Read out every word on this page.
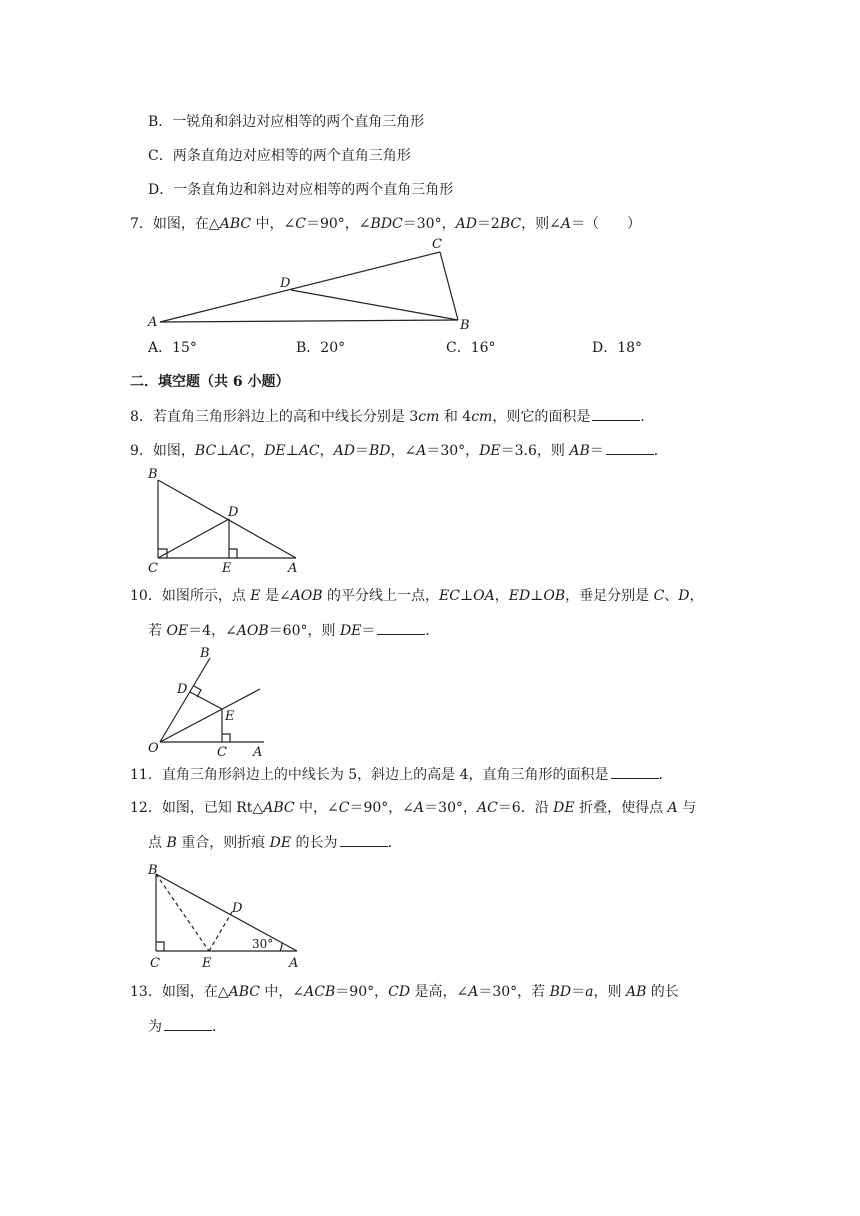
B．一锐角和斜边对应相等的两个直角三角形
C．两条直角边对应相等的两个直角三角形
D．一条直角边和斜边对应相等的两个直角三角形
7．如图，在△ABC 中，∠C＝90°，∠BDC＝30°，AD＝2BC，则∠A＝（　　）
C
D
A	B
A．15°	B．20°	C．16°	D．18°
二．填空题（共 6 小题）
8．若直角三角形斜边上的高和中线长分别是 3cm 和 4cm，则它的面积是	．
9．如图，BC⊥AC，DE⊥AC，AD＝BD，∠A＝30°，DE＝3.6，则 AB＝	．
B
D
C	E	A
10．如图所示，点 E 是∠AOB 的平分线上一点，EC⊥OA，ED⊥OB，垂足分别是 C、D，
若 OE＝4，∠AOB＝60°，则 DE＝	．
B
D
E
O	C A
11．直角三角形斜边上的中线长为 5，斜边上的高是 4，直角三角形的面积是	．
12．如图，已知 Rt△ABC 中，∠C＝90°，∠A＝30°，AC＝6．沿 DE 折叠，使得点 A 与
点 B 重合，则折痕 DE 的长为	．
B
D
C	E	A
30°
13．如图，在△ABC 中，∠ACB＝90°，CD 是高，∠A＝30°，若 BD＝a，则 AB 的长
为	．
